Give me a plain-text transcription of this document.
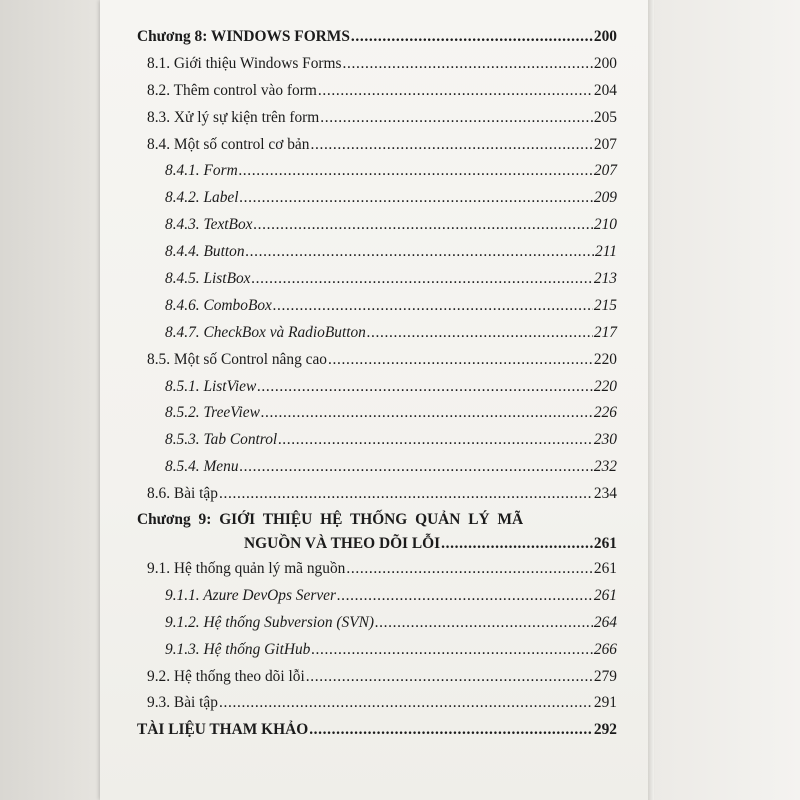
Chương 8: WINDOWS FORMS . . .	200
8.1. Giới thiệu Windows Forms . . .	200
8.2. Thêm control vào form . . .	204
8.3. Xử lý sự kiện trên form . . .	205
8.4. Một số control cơ bản . . .	207
8.4.1. Form . . .	207
8.4.2. Label . . .	209
8.4.3. TextBox . . .	210
8.4.4. Button . . .	211
8.4.5. ListBox . . .	213
8.4.6. ComboBox . . .	215
8.4.7. CheckBox và RadioButton . . .	217
8.5. Một số Control nâng cao . . .	220
8.5.1. ListView . . .	220
8.5.2. TreeView . . .	226
8.5.3. Tab Control . . .	230
8.5.4. Menu . . .	232
8.6. Bài tập . . .	234
Chương 9: GIỚI THIỆU HỆ THỐNG QUẢN LÝ MÃ
NGUỒN VÀ THEO DÕI LỖI . . .	261
9.1. Hệ thống quản lý mã nguồn . . .	261
9.1.1. Azure DevOps Server . . .	261
9.1.2. Hệ thống Subversion (SVN) . . .	264
9.1.3. Hệ thống GitHub . . .	266
9.2. Hệ thống theo dõi lỗi . . .	279
9.3. Bài tập . . .	291
TÀI LIỆU THAM KHẢO . . .	292
